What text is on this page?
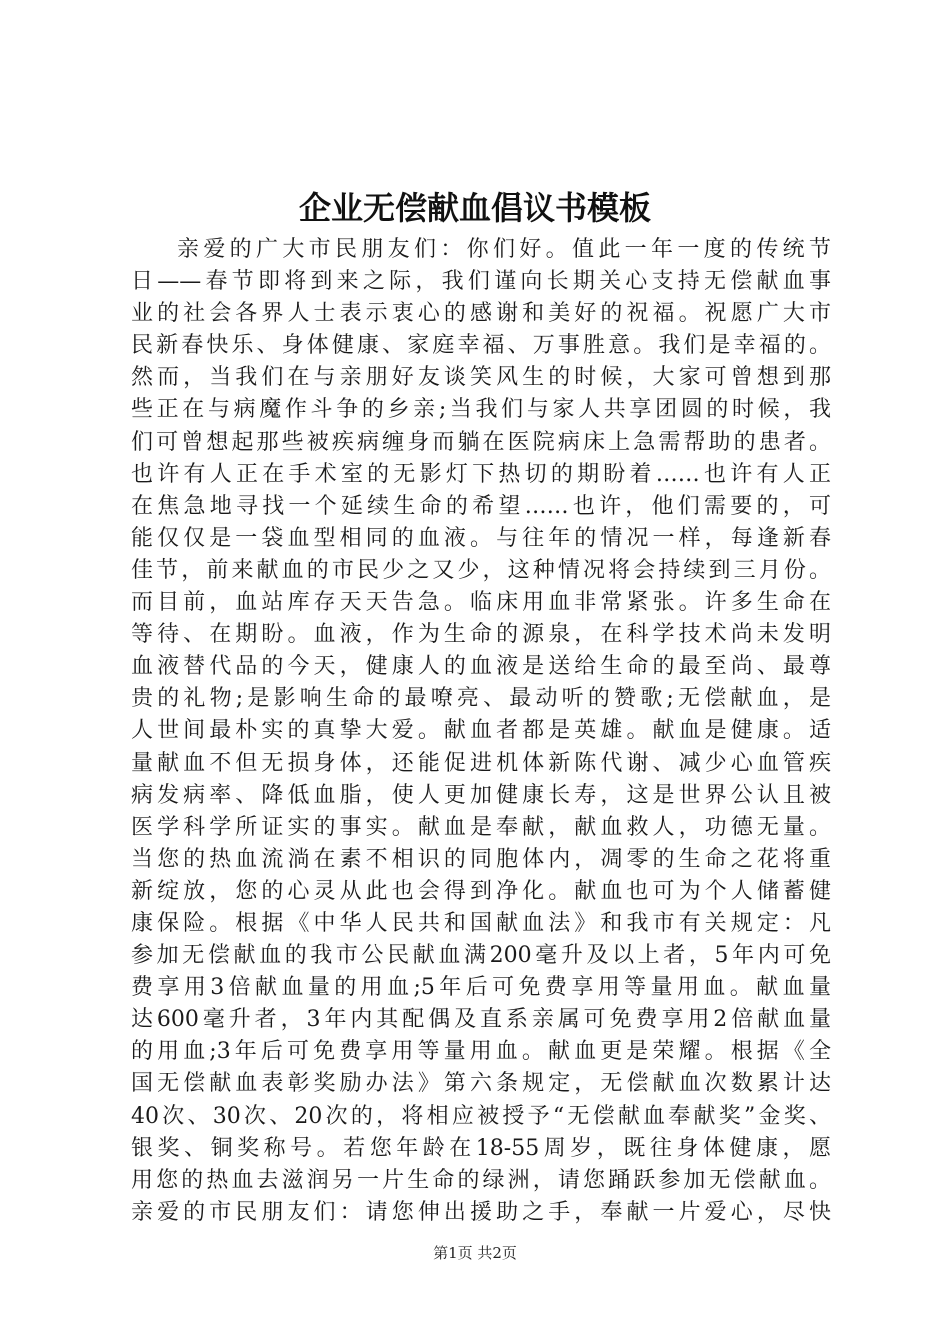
企业无偿献血倡议书模板
亲爱的广大市民朋友们：你们好。值此一年一度的传统节
日——春节即将到来之际，我们谨向长期关心支持无偿献血事
业的社会各界人士表示衷心的感谢和美好的祝福。祝愿广大市
民新春快乐、身体健康、家庭幸福、万事胜意。我们是幸福的。
然而，当我们在与亲朋好友谈笑风生的时候，大家可曾想到那
些正在与病魔作斗争的乡亲;当我们与家人共享团圆的时候，我
们可曾想起那些被疾病缠身而躺在医院病床上急需帮助的患者。
也许有人正在手术室的无影灯下热切的期盼着……也许有人正
在焦急地寻找一个延续生命的希望……也许，他们需要的，可
能仅仅是一袋血型相同的血液。与往年的情况一样，每逢新春
佳节，前来献血的市民少之又少，这种情况将会持续到三月份。
而目前，血站库存天天告急。临床用血非常紧张。许多生命在
等待、在期盼。血液，作为生命的源泉，在科学技术尚未发明
血液替代品的今天，健康人的血液是送给生命的最至尚、最尊
贵的礼物;是影响生命的最嘹亮、最动听的赞歌;无偿献血，是
人世间最朴实的真挚大爱。献血者都是英雄。献血是健康。适
量献血不但无损身体，还能促进机体新陈代谢、减少心血管疾
病发病率、降低血脂，使人更加健康长寿，这是世界公认且被
医学科学所证实的事实。献血是奉献，献血救人，功德无量。
当您的热血流淌在素不相识的同胞体内，凋零的生命之花将重
新绽放，您的心灵从此也会得到净化。献血也可为个人储蓄健
康保险。根据《中华人民共和国献血法》和我市有关规定：凡
参加无偿献血的我市公民献血满200毫升及以上者，5年内可免
费享用3倍献血量的用血;5年后可免费享用等量用血。献血量
达600毫升者，3年内其配偶及直系亲属可免费享用2倍献血量
的用血;3年后可免费享用等量用血。献血更是荣耀。根据《全
国无偿献血表彰奖励办法》第六条规定，无偿献血次数累计达
40次、30次、20次的，将相应被授予“无偿献血奉献奖”金奖、
银奖、铜奖称号。若您年龄在18-55周岁，既往身体健康，愿
用您的热血去滋润另一片生命的绿洲，请您踊跃参加无偿献血。
亲爱的市民朋友们：请您伸出援助之手，奉献一片爱心，尽快
第1页 共2页
